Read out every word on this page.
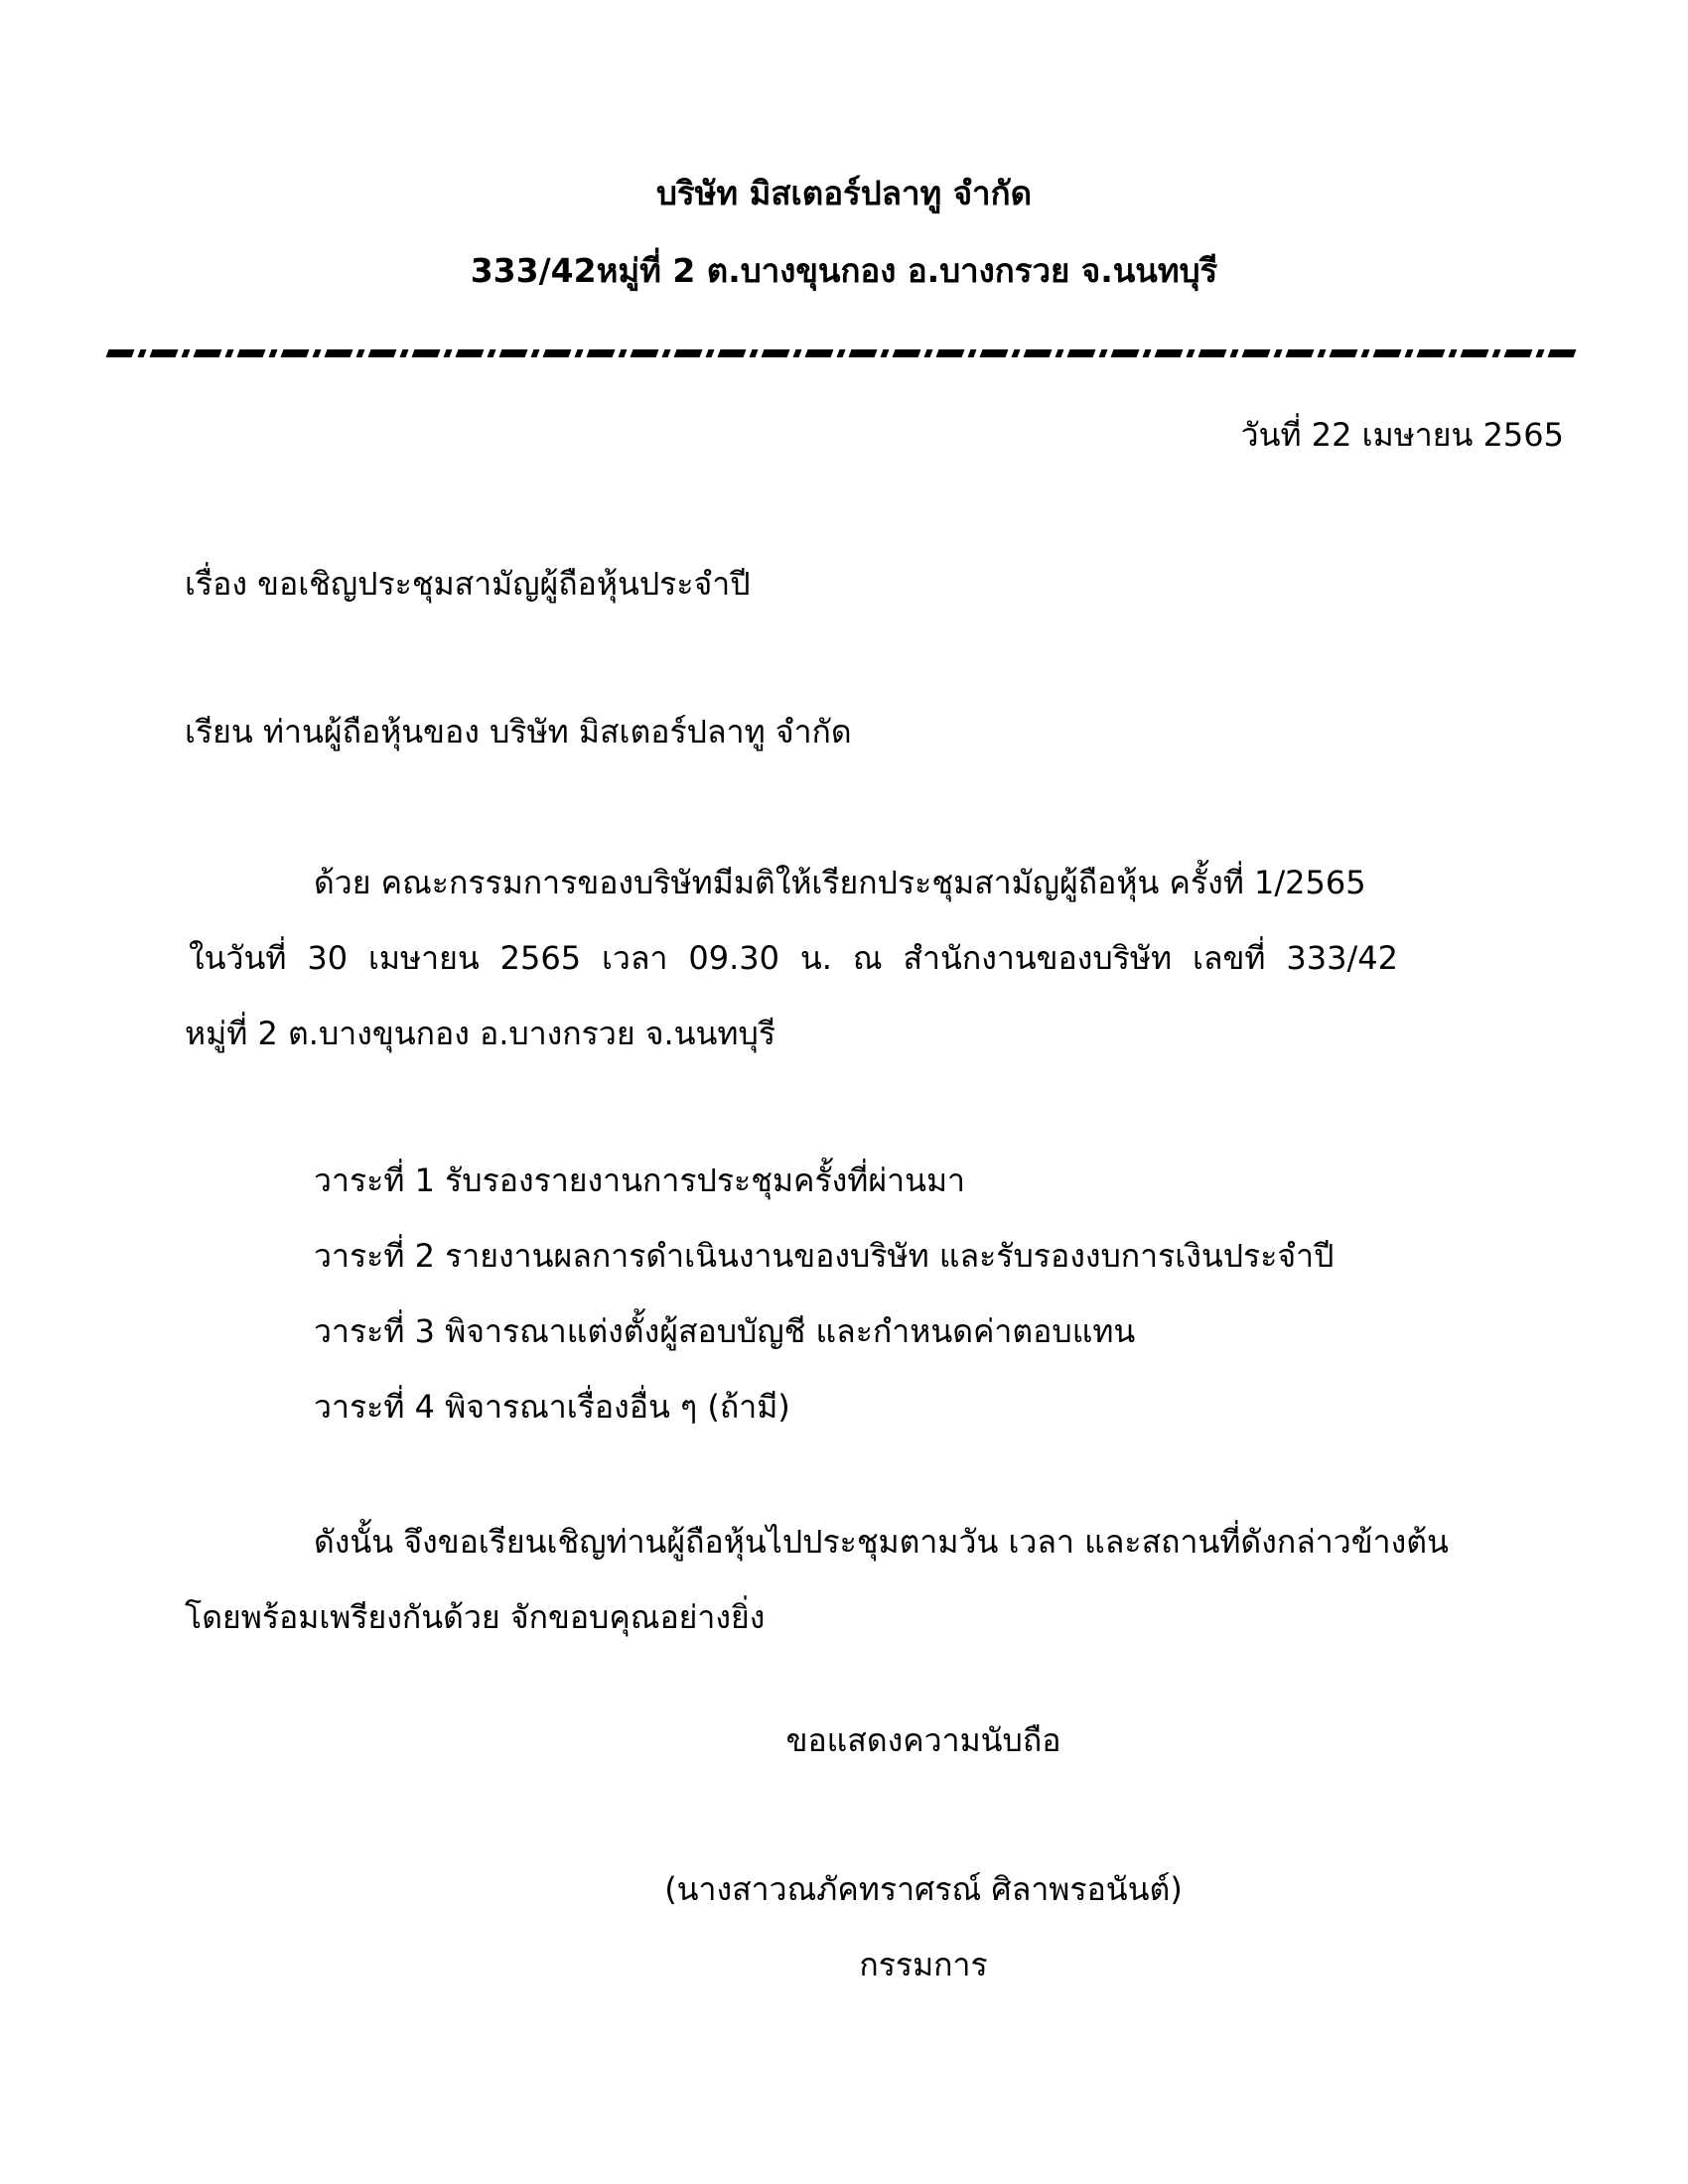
บริษัท มิสเตอร์ปลาทู จำกัด
333/42หมู่ที่ 2 ต.บางขุนกอง อ.บางกรวย จ.นนทบุรี
วันที่ 22 เมษายน 2565
เรื่อง ขอเชิญประชุมสามัญผู้ถือหุ้นประจำปี
เรียน ท่านผู้ถือหุ้นของ บริษัท มิสเตอร์ปลาทู จำกัด
ด้วย คณะกรรมการของบริษัทมีมติให้เรียกประชุมสามัญผู้ถือหุ้น ครั้งที่ 1/2565
ในวันที่ 30 เมษายน 2565 เวลา 09.30 น. ณ สำนักงานของบริษัท เลขที่ 333/42
หมู่ที่ 2 ต.บางขุนกอง อ.บางกรวย จ.นนทบุรี
วาระที่ 1 รับรองรายงานการประชุมครั้งที่ผ่านมา
วาระที่ 2 รายงานผลการดำเนินงานของบริษัท และรับรองงบการเงินประจำปี
วาระที่ 3 พิจารณาแต่งตั้งผู้สอบบัญชี และกำหนดค่าตอบแทน
วาระที่ 4 พิจารณาเรื่องอื่น ๆ (ถ้ามี)
ดังนั้น จึงขอเรียนเชิญท่านผู้ถือหุ้นไปประชุมตามวัน เวลา และสถานที่ดังกล่าวข้างต้น
โดยพร้อมเพรียงกันด้วย จักขอบคุณอย่างยิ่ง
ขอแสดงความนับถือ
(นางสาวณภัคทราศรณ์ ศิลาพรอนันต์)
กรรมการ
